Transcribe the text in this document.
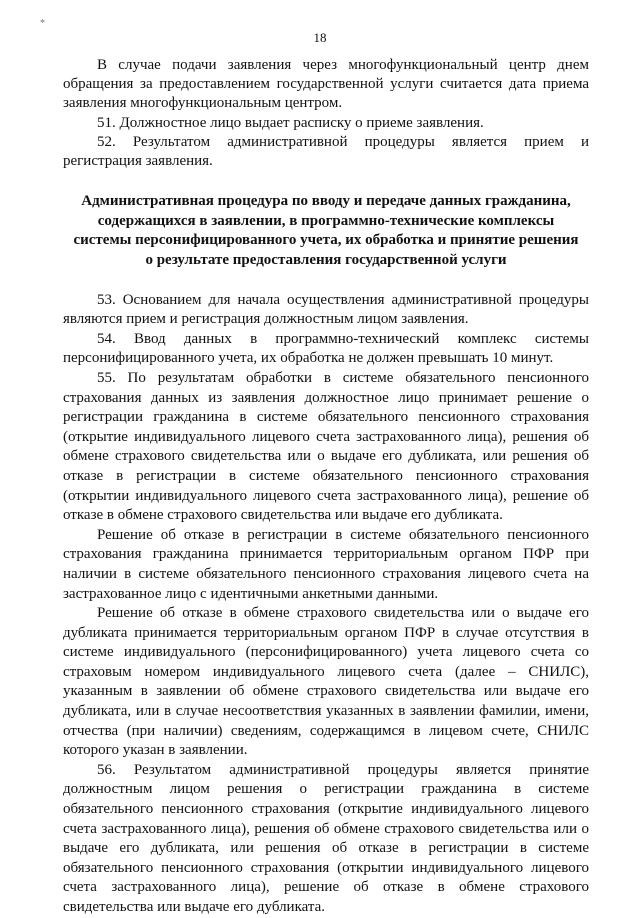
*
18

В случае подачи заявления через многофункциональный центр днем обращения за предоставлением государственной услуги считается дата приема заявления многофункциональным центром.

51. Должностное лицо выдает расписку о приеме заявления.

52. Результатом административной процедуры является прием и регистрация заявления.

Административная процедура по вводу и передаче данных гражданина, содержащихся в заявлении, в программно-технические комплексы системы персонифицированного учета, их обработка и принятие решения о результате предоставления государственной услуги

53. Основанием для начала осуществления административной процедуры являются прием и регистрация должностным лицом заявления.

54. Ввод данных в программно-технический комплекс системы персонифицированного учета, их обработка не должен превышать 10 минут.

55. По результатам обработки в системе обязательного пенсионного страхования данных из заявления должностное лицо принимает решение о регистрации гражданина в системе обязательного пенсионного страхования (открытие индивидуального лицевого счета застрахованного лица), решения об обмене страхового свидетельства или о выдаче его дубликата, или решения об отказе в регистрации в системе обязательного пенсионного страхования (открытии индивидуального лицевого счета застрахованного лица), решение об отказе в обмене страхового свидетельства или выдаче его дубликата.

Решение об отказе в регистрации в системе обязательного пенсионного страхования гражданина принимается территориальным органом ПФР при наличии в системе обязательного пенсионного страхования лицевого счета на застрахованное лицо с идентичными анкетными данными.

Решение об отказе в обмене страхового свидетельства или о выдаче его дубликата принимается территориальным органом ПФР в случае отсутствия в системе индивидуального (персонифицированного) учета лицевого счета со страховым номером индивидуального лицевого счета (далее – СНИЛС), указанным в заявлении об обмене страхового свидетельства или выдаче его дубликата, или в случае несоответствия указанных в заявлении фамилии, имени, отчества (при наличии) сведениям, содержащимся в лицевом счете, СНИЛС которого указан в заявлении.

56. Результатом административной процедуры является принятие должностным лицом решения о регистрации гражданина в системе обязательного пенсионного страхования (открытие индивидуального лицевого счета застрахованного лица), решения об обмене страхового свидетельства или о выдаче его дубликата, или решения об отказе в регистрации в системе обязательного пенсионного страхования (открытии индивидуального лицевого счета застрахованного лица), решение об отказе в обмене страхового свидетельства или выдаче его дубликата.
